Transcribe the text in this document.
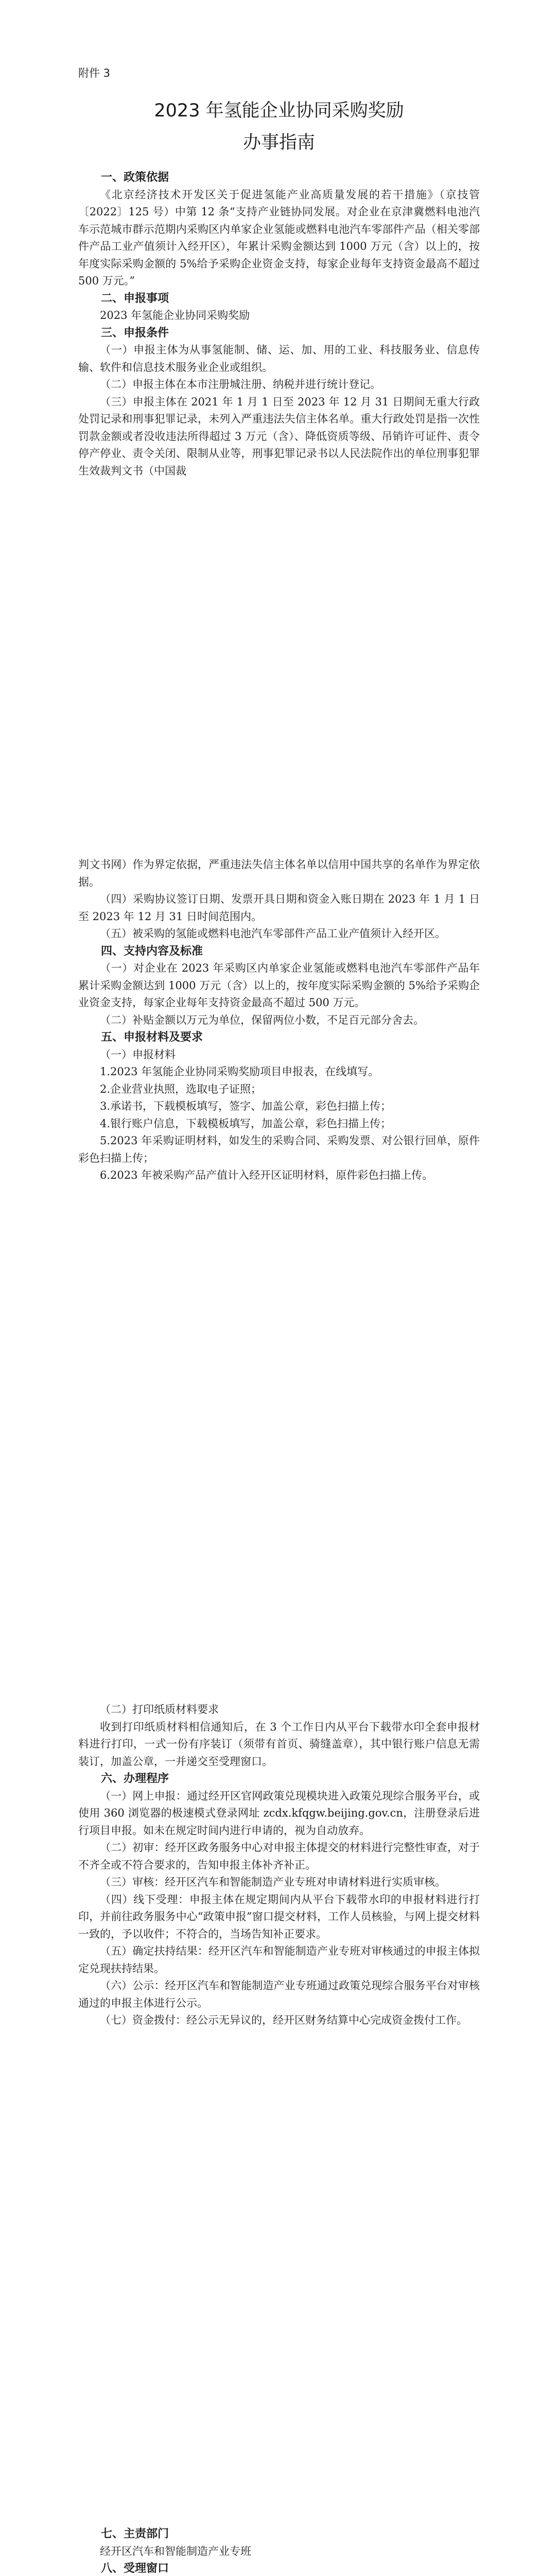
附件 3
2023 年氢能企业协同采购奖励
办事指南

一、政策依据

《北京经济技术开发区关于促进氢能产业高质量发展的若干措施》（京技管〔2022〕125 号）中第 12 条“支持产业链协同发展。对企业在京津冀燃料电池汽车示范城市群示范期内采购区内单家企业氢能或燃料电池汽车零部件产品（相关零部件产品工业产值须计入经开区），年累计采购金额达到 1000 万元（含）以上的，按年度实际采购金额的 5%给予采购企业资金支持，每家企业每年支持资金最高不超过 500 万元。”

二、申报事项

2023 年氢能企业协同采购奖励

三、申报条件

（一）申报主体为从事氢能制、储、运、加、用的工业、科技服务业、信息传输、软件和信息技术服务业企业或组织。

（二）申报主体在本市注册城注册、纳税并进行统计登记。

（三）申报主体在 2021 年 1 月 1 日至 2023 年 12 月 31 日期间无重大行政处罚记录和刑事犯罪记录，未列入严重违法失信主体名单。重大行政处罚是指一次性罚款金额或者没收违法所得超过 3 万元（含）、降低资质等级、吊销许可证件、责令停产停业、责令关闭、限制从业等，刑事犯罪记录书以人民法院作出的单位刑事犯罪生效裁判文书（中国裁

判文书网）作为界定依据，严重违法失信主体名单以信用中国共享的名单作为界定依据。

（四）采购协议签订日期、发票开具日期和资金入账日期在 2023 年 1 月 1 日至 2023 年 12 月 31 日时间范围内。

（五）被采购的氢能或燃料电池汽车零部件产品工业产值须计入经开区。

四、支持内容及标准

（一）对企业在 2023 年采购区内单家企业氢能或燃料电池汽车零部件产品年累计采购金额达到 1000 万元（含）以上的，按年度实际采购金额的 5%给予采购企业资金支持，每家企业每年支持资金最高不超过 500 万元。

（二）补贴金额以万元为单位，保留两位小数，不足百元部分舍去。

五、申报材料及要求

（一）申报材料

1.2023 年氢能企业协同采购奖励项目申报表，在线填写。

2.企业营业执照，选取电子证照；

3.承诺书，下载模板填写，签字、加盖公章，彩色扫描上传；

4.银行账户信息，下载模板填写，加盖公章，彩色扫描上传；

5.2023 年采购证明材料，如发生的采购合同、采购发票、对公银行回单，原件彩色扫描上传；

6.2023 年被采购产品产值计入经开区证明材料，原件彩色扫描上传。

（二）打印纸质材料要求

收到打印纸质材料相信通知后，在 3 个工作日内从平台下载带水印全套申报材料进行打印，一式一份有序装订（须带有首页、骑缝盖章），其中银行账户信息无需装订，加盖公章，一并递交至受理窗口。

六、办理程序

（一）网上申报：通过经开区官网政策兑现模块进入政策兑现综合服务平台，或使用 360 浏览器的极速模式登录网址 zcdx.kfqgw.beijing.gov.cn，注册登录后进行项目申报。如未在规定时间内进行申请的，视为自动放弃。

（二）初审：经开区政务服务中心对申报主体提交的材料进行完整性审查，对于不齐全或不符合要求的，告知申报主体补齐补正。

（三）审核：经开区汽车和智能制造产业专班对申请材料进行实质审核。

（四）线下受理：申报主体在规定期间内从平台下载带水印的申报材料进行打印，并前往政务服务中心“政策申报”窗口提交材料，工作人员核验，与网上提交材料一致的，予以收件；不符合的，当场告知补正要求。

（五）确定扶持结果：经开区汽车和智能制造产业专班对审核通过的申报主体拟定兑现扶持结果。

（六）公示：经开区汽车和智能制造产业专班通过政策兑现综合服务平台对审核通过的申报主体进行公示。

（七）资金拨付：经公示无异议的，经开区财务结算中心完成资金拨付工作。

七、主责部门

经开区汽车和智能制造产业专班

八、受理窗口
